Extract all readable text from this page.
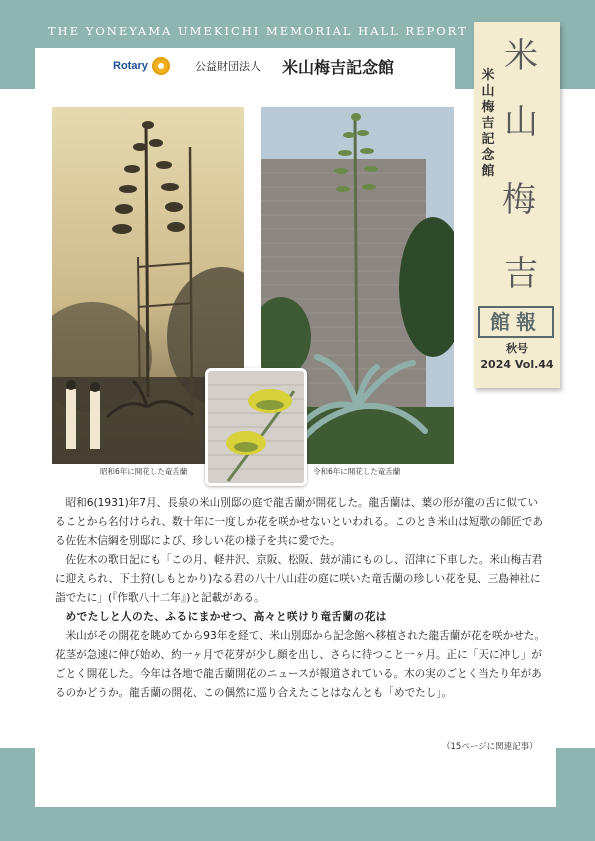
THE YONEYAMA UMEKICHI MEMORIAL HALL REPORT
Rotary	公益財団法人 米山梅吉記念館	米山梅吉記念館
米
山
梅
吉
館報
秋号
2024 Vol.44
昭和6年に開花した竜舌蘭	令和6年に開花した竜舌蘭

昭和6(1931)年7月、長泉の米山別邸の庭で龍舌蘭が開花した。龍舌蘭は、葉の形が龍の舌に似ていることから名付けられ、数十年に一度しか花を咲かせないといわれる。このとき米山は短歌の師匠である佐佐木信綱を別邸によび、珍しい花の様子を共に愛でた。

佐佐木の歌日記にも「この月、軽井沢、京阪、松阪、鼓が浦にものし、沼津に下車した。米山梅吉君に迎えられ、下土狩(しもとかり)なる君の八十八山荘の庭に咲いた竜舌蘭の珍しい花を見、三島神社に詣でたに」(『作歌八十二年』)と記載がある。

めでたしと人のた、ふるにまかせつ、高々と咲けり竜舌蘭の花は

米山がその開花を眺めてから93年を経て、米山別邸から記念館へ移植された龍舌蘭が花を咲かせた。花茎が急速に伸び始め、約一ヶ月で花芽が少し顔を出し、さらに待つこと一ヶ月。正に「天に冲し」がごとく開花した。今年は各地で龍舌蘭開花のニュースが報道されている。木の実のごとく当たり年があるのかどうか。龍舌蘭の開花、この偶然に巡り合えたことはなんとも「めでたし」。

（15ページに関連記事）
